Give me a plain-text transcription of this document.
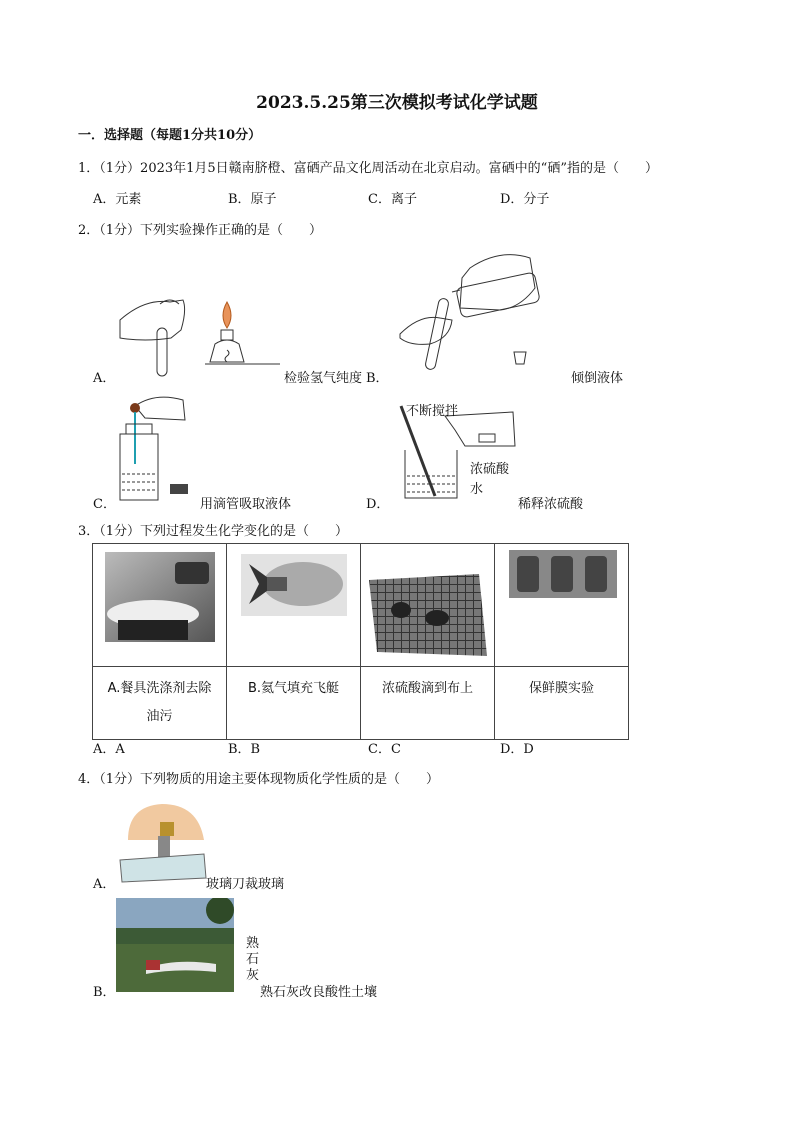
2023.5.25第三次模拟考试化学试题
一．选择题（每题1分共10分）
1．（1分）2023年1月5日赣南脐橙、富硒产品文化周活动在北京启动。富硒中的“硒”指的是（　　）
A．元素	B．原子	C．离子	D．分子
2．（1分）下列实验操作正确的是（　　）
A．	检验氢气纯度 B．	倾倒液体
C．	用滴管吸取液体
不断搅拌
浓硫酸
水
D．	稀释浓硫酸
3．（1分）下列过程发生化学变化的是（　　）

A.餐具洗涤剂去除油污	B.氦气填充飞艇	浓硫酸滴到布上	保鲜膜实验
A．A	B．B	C．C	D．D
4．（1分）下列物质的用途主要体现物质化学性质的是（　　）
A．	玻璃刀裁玻璃
熟
石
灰
B．	熟石灰改良酸性土壤
